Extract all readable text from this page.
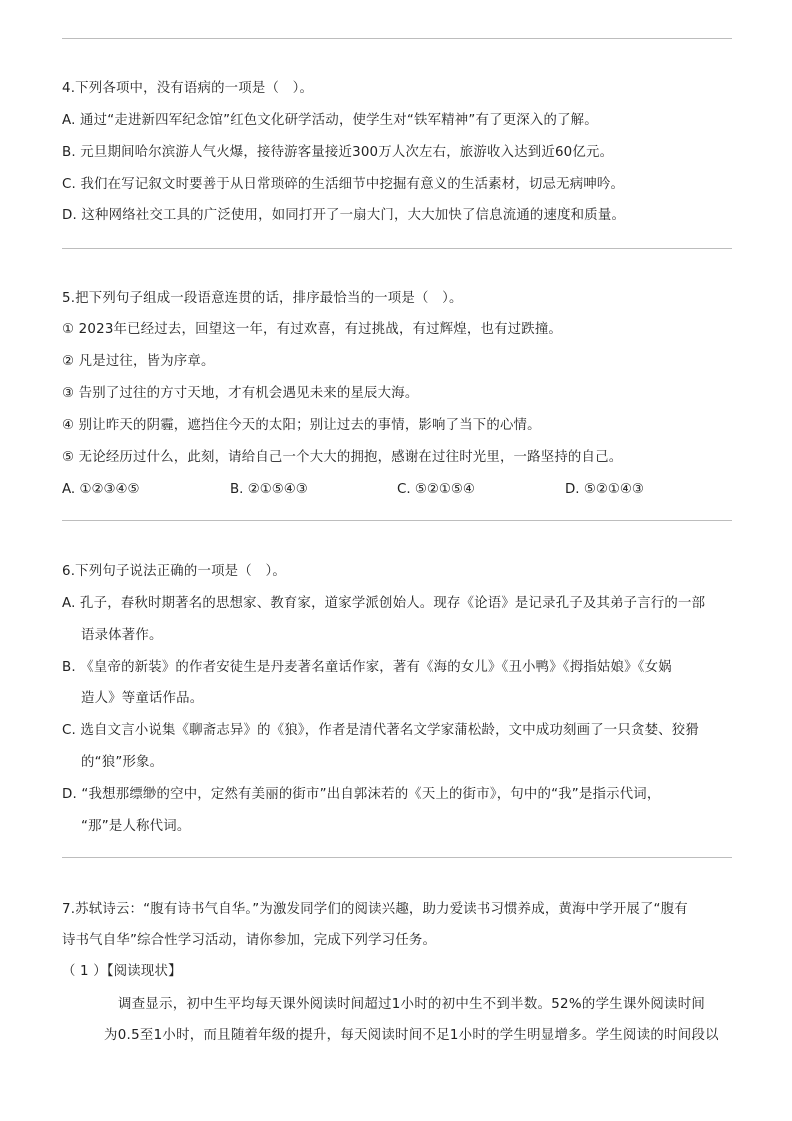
4.下列各项中，没有语病的一项是（　）。
A. 通过“走进新四军纪念馆”红色文化研学活动，使学生对“铁军精神”有了更深入的了解。
B. 元旦期间哈尔滨游人气火爆，接待游客量接近300万人次左右，旅游收入达到近60亿元。
C. 我们在写记叙文时要善于从日常琐碎的生活细节中挖掘有意义的生活素材，切忌无病呻吟。
D. 这种网络社交工具的广泛使用，如同打开了一扇大门，大大加快了信息流通的速度和质量。
5.把下列句子组成一段语意连贯的话，排序最恰当的一项是（　）。
① 2023年已经过去，回望这一年，有过欢喜，有过挑战，有过辉煌，也有过跌撞。
② 凡是过往，皆为序章。
③ 告别了过往的方寸天地，才有机会遇见未来的星辰大海。
④ 别让昨天的阴霾，遮挡住今天的太阳；别让过去的事情，影响了当下的心情。
⑤ 无论经历过什么，此刻，请给自己一个大大的拥抱，感谢在过往时光里，一路坚持的自己。
A. ①②③④⑤	B. ②①⑤④③	C. ⑤②①⑤④	D. ⑤②①④③
6.下列句子说法正确的一项是（　）。
A. 孔子，春秋时期著名的思想家、教育家，道家学派创始人。现存《论语》是记录孔子及其弟子言行的一部
语录体著作。
B. 《皇帝的新装》的作者安徒生是丹麦著名童话作家，著有《海的女儿》《丑小鸭》《拇指姑娘》《女娲
造人》等童话作品。
C. 选自文言小说集《聊斋志异》的《狼》，作者是清代著名文学家蒲松龄，文中成功刻画了一只贪婪、狡猾
的“狼”形象。
D. “我想那缥缈的空中，定然有美丽的街市”出自郭沫若的《天上的街市》，句中的“我”是指示代词，
“那”是人称代词。
7.苏轼诗云：“腹有诗书气自华。”为激发同学们的阅读兴趣，助力爱读书习惯养成，黄海中学开展了“腹有
诗书气自华”综合性学习活动，请你参加，完成下列学习任务。
（ 1 ）【阅读现状】
调查显示，初中生平均每天课外阅读时间超过1小时的初中生不到半数。52%的学生课外阅读时间
为0.5至1小时，而且随着年级的提升，每天阅读时间不足1小时的学生明显增多。学生阅读的时间段以
